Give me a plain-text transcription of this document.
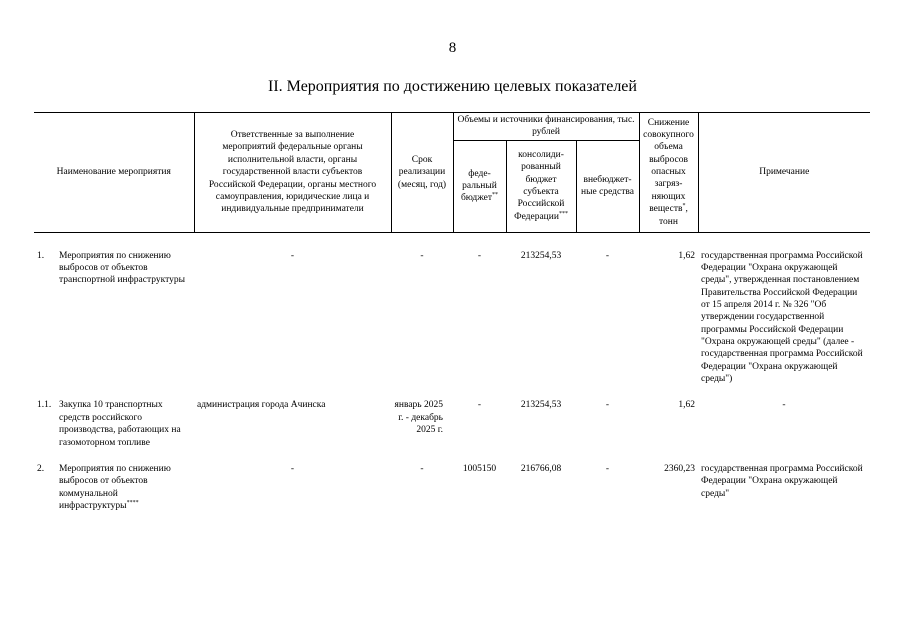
8
II. Мероприятия по достижению целевых показателей
Наименование мероприятия	Ответственные за выполнение мероприятий федеральные органы исполнительной власти, органы государственной власти субъектов Российской Федерации, органы местного самоуправления, юридические лица и индивидуальные предприниматели	Срок реализации (месяц, год)	Объемы и источники финансирования, тыс. рублей			Снижение совокупного объема выбросов опасных загряз-няющих веществ*, тонн	Примечание
			феде-ральный бюджет**	консолиди-рованный бюджет субъекта Российской Федерации***	внебюджет-ные средства		

1. Мероприятия по снижению выбросов от объектов транспортной инфраструктуры	-	-	-	213254,53	-	1,62	государственная программа Российской Федерации "Охрана окружающей среды", утвержденная постановлением Правительства Российской Федерации от 15 апреля 2014 г. № 326 "Об утверждении государственной программы Российской Федерации "Охрана окружающей среды" (далее - государственная программа Российской Федерации "Охрана окружающей среды")

1.1. Закупка 10 транспортных средств российского производства, работающих на газомоторном топливе	администрация города Ачинска	январь 2025 г. - декабрь 2025 г.	-	213254,53	-	1,62	-

2. Мероприятия по снижению выбросов от объектов коммунальной инфраструктуры****	-	-	1005150	216766,08	-	2360,23	государственная программа Российской Федерации "Охрана окружающей среды"
